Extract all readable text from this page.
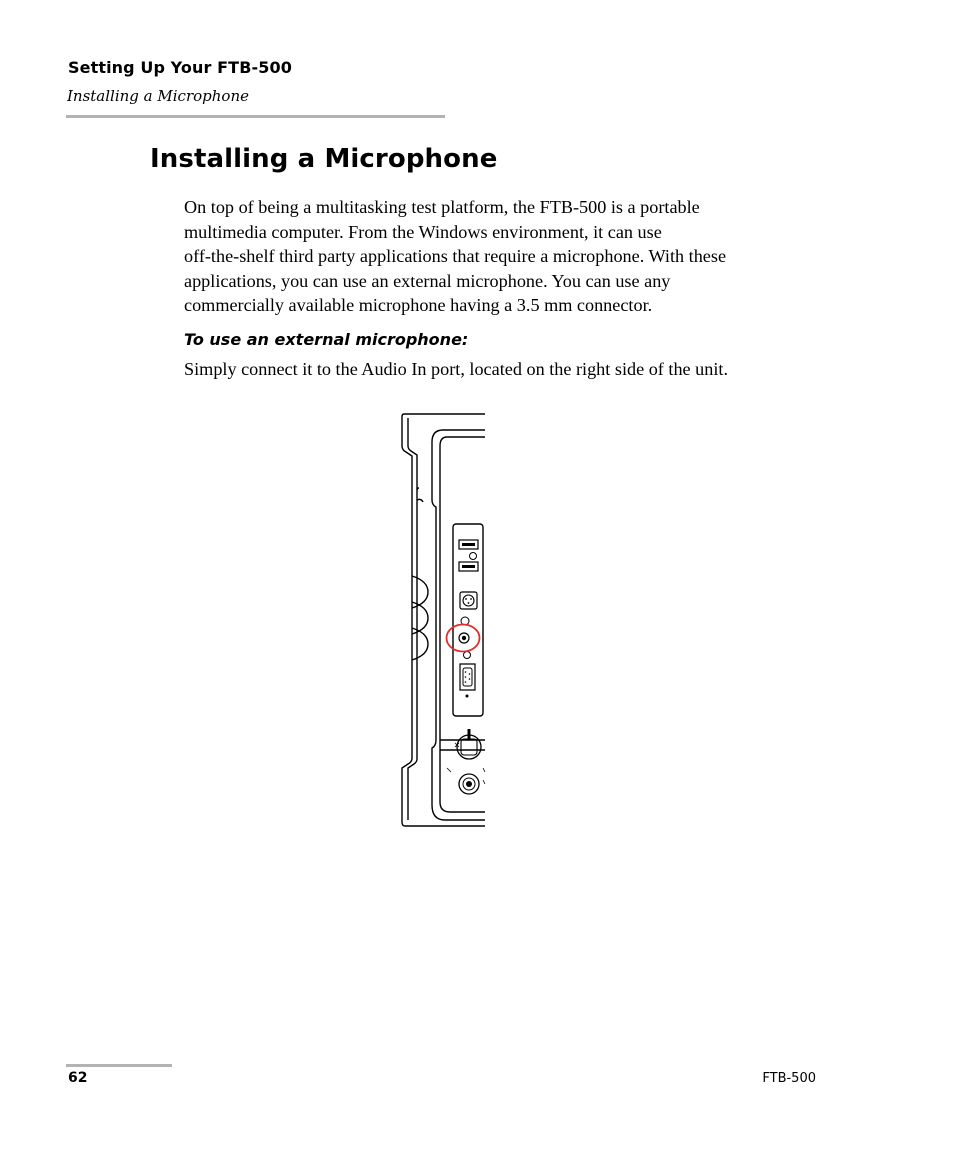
Setting Up Your FTB-500
Installing a Microphone
Installing a Microphone

On top of being a multitasking test platform, the FTB-500 is a portable
multimedia computer. From the Windows environment, it can use
off-the-shelf third party applications that require a microphone. With these
applications, you can use an external microphone. You can use any
commercially available microphone having a 3.5 mm connector.

To use an external microphone:

Simply connect it to the Audio In port, located on the right side of the unit.

62	FTB-500
